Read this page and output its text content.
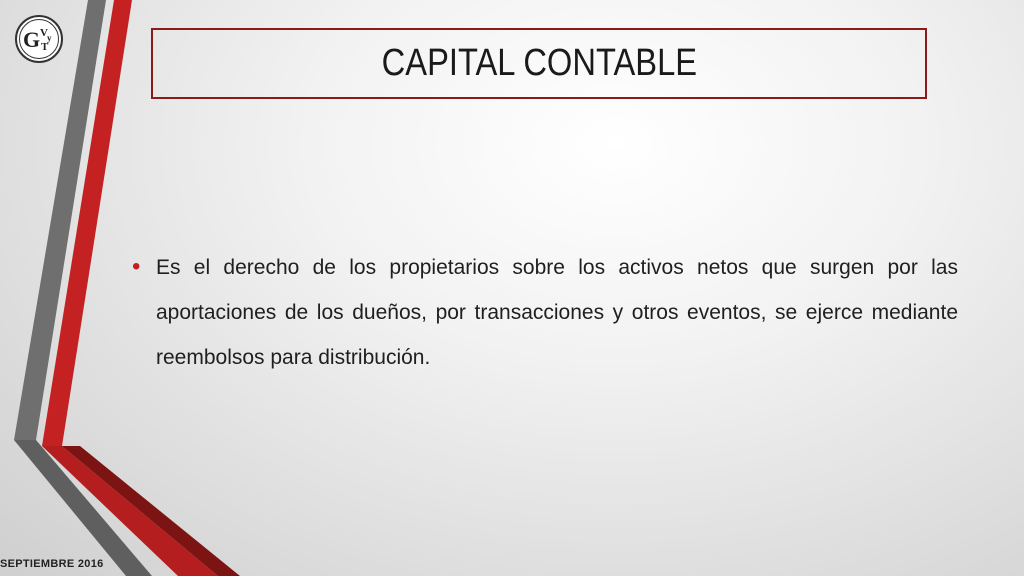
G V y
T	CAPITAL CONTABLE
• Es el derecho de los propietarios sobre los activos netos que surgen por las aportaciones de los dueños, por transacciones y otros eventos, se ejerce mediante reembolsos para distribución.
SEPTIEMBRE 2016
